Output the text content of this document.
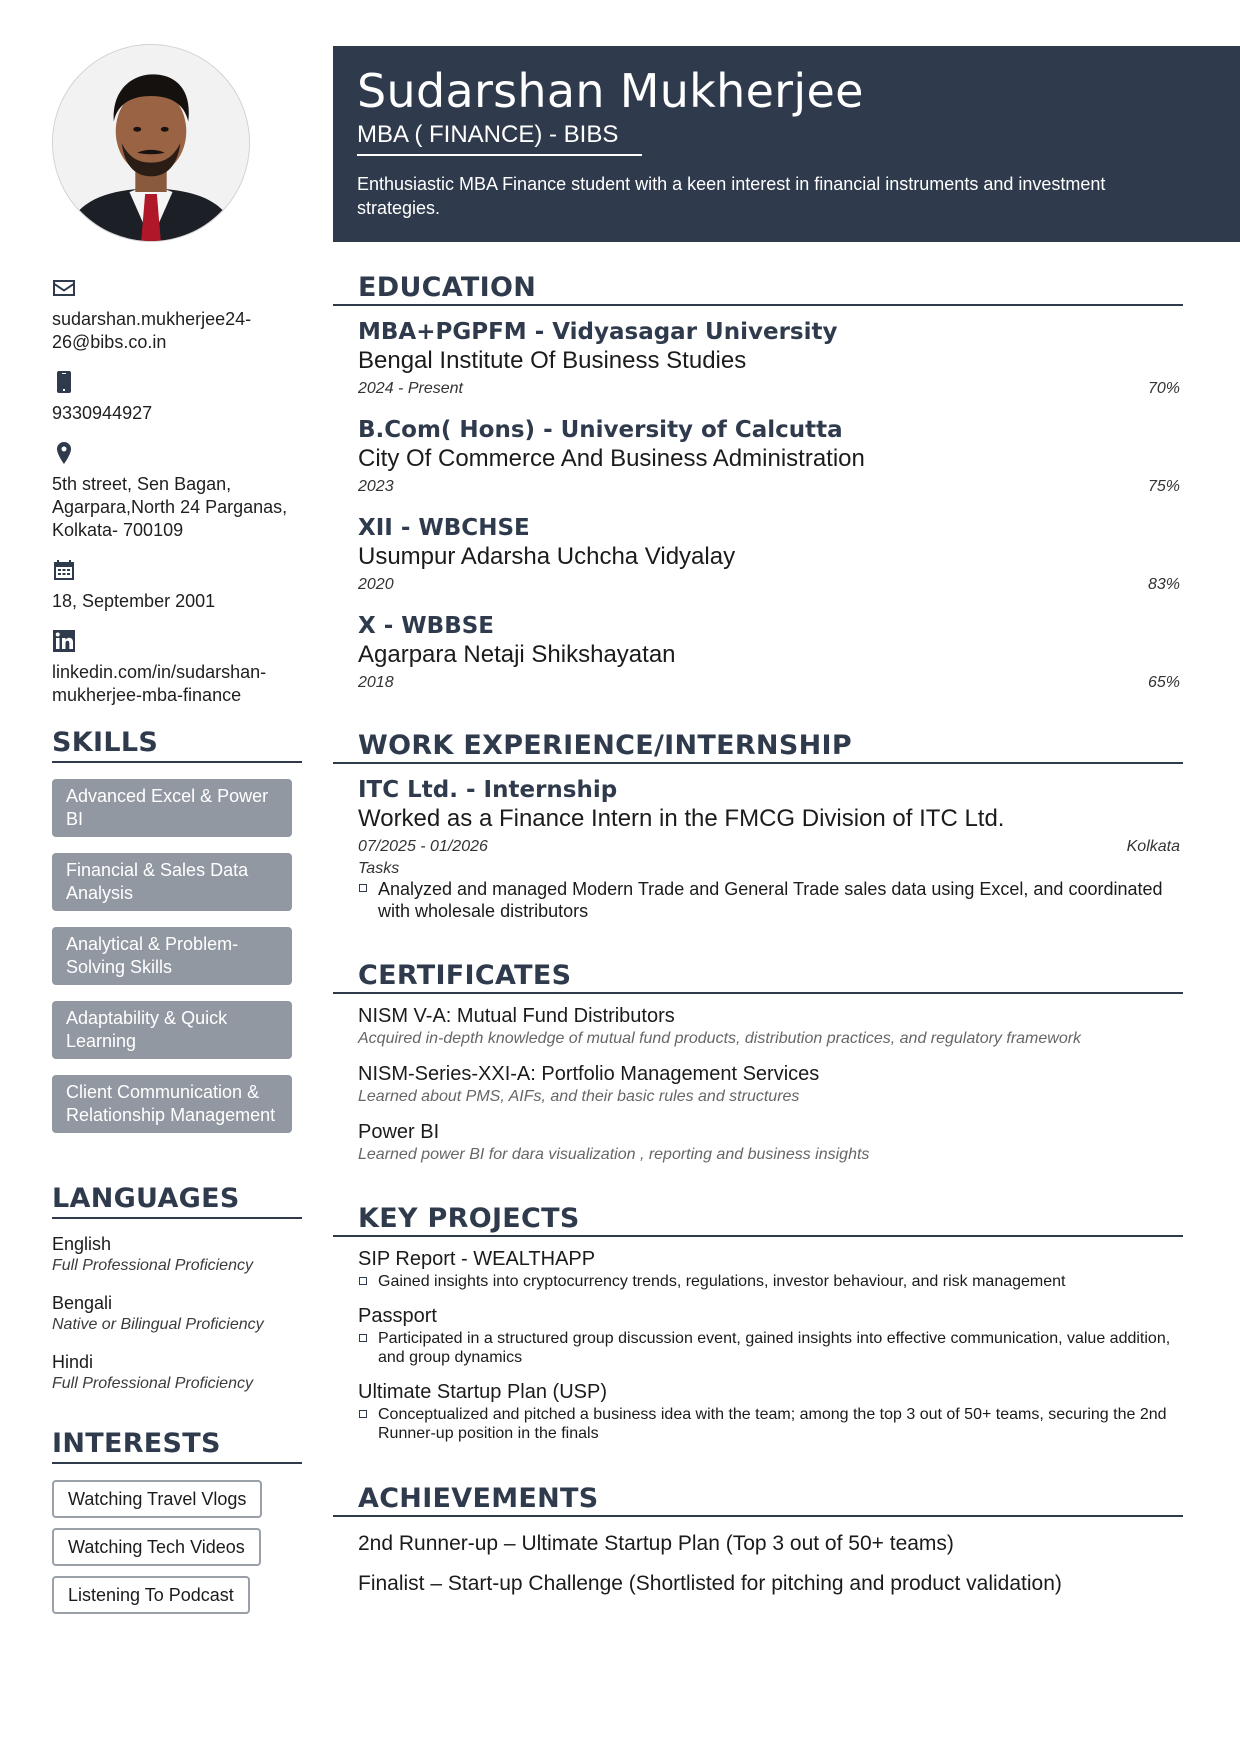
sudarshan.mukherjee24-26@bibs.co.in
9330944927
5th street, Sen Bagan, Agarpara,North 24 Parganas, Kolkata- 700109
18, September 2001
linkedin.com/in/sudarshan-mukherjee-mba-finance
SKILLS
Advanced Excel & Power BI
Financial & Sales Data Analysis
Analytical & Problem-Solving Skills
Adaptability & Quick Learning
Client Communication & Relationship Management
LANGUAGES
English
Full Professional Proficiency
Bengali
Native or Bilingual Proficiency
Hindi
Full Professional Proficiency
INTERESTS
Watching Travel Vlogs
Watching Tech Videos
Listening To Podcast
Sudarshan Mukherjee
MBA ( FINANCE) - BIBS
Enthusiastic MBA Finance student with a keen interest in financial instruments and investment strategies.
EDUCATION
MBA+PGPFM - Vidyasagar University
Bengal Institute Of Business Studies
2024 - Present	70%
B.Com( Hons) - University of Calcutta
City Of Commerce And Business Administration
2023	75%
XII - WBCHSE
Usumpur Adarsha Uchcha Vidyalay
2020	83%
X - WBBSE
Agarpara Netaji Shikshayatan
2018	65%
WORK EXPERIENCE/INTERNSHIP
ITC Ltd. - Internship
Worked as a Finance Intern in the FMCG Division of ITC Ltd.
07/2025 - 01/2026	Kolkata
Tasks
Analyzed and managed Modern Trade and General Trade sales data using Excel, and coordinated with wholesale distributors
CERTIFICATES
NISM V-A: Mutual Fund Distributors
Acquired in-depth knowledge of mutual fund products, distribution practices, and regulatory framework
NISM-Series-XXI-A: Portfolio Management Services
Learned about PMS, AIFs, and their basic rules and structures
Power BI
Learned power BI for dara visualization , reporting and business insights
KEY PROJECTS
SIP Report - WEALTHAPP
Gained insights into cryptocurrency trends, regulations, investor behaviour, and risk management
Passport
Participated in a structured group discussion event, gained insights into effective communication, value addition, and group dynamics
Ultimate Startup Plan (USP)
Conceptualized and pitched a business idea with the team; among the top 3 out of 50+ teams, securing the 2nd Runner-up position in the finals
ACHIEVEMENTS
2nd Runner-up – Ultimate Startup Plan (Top 3 out of 50+ teams)
Finalist – Start-up Challenge (Shortlisted for pitching and product validation)
